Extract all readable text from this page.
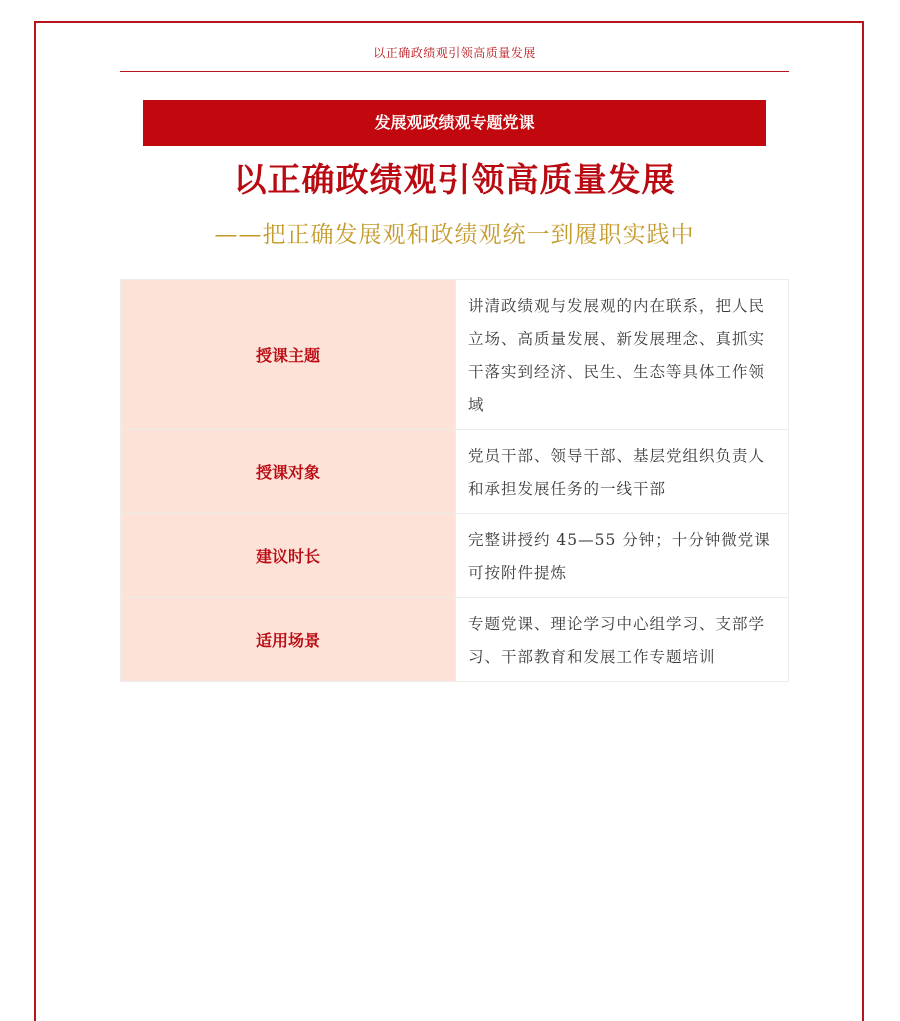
以正确政绩观引领高质量发展
发展观政绩观专题党课
以正确政绩观引领高质量发展
——把正确发展观和政绩观统一到履职实践中
授课主题	讲清政绩观与发展观的内在联系，把人民立场、高质量发展、新发展理念、真抓实干落实到经济、民生、生态等具体工作领域
授课对象	党员干部、领导干部、基层党组织负责人和承担发展任务的一线干部
建议时长	完整讲授约 45—55 分钟；十分钟微党课可按附件提炼
适用场景	专题党课、理论学习中心组学习、支部学习、干部教育和发展工作专题培训
